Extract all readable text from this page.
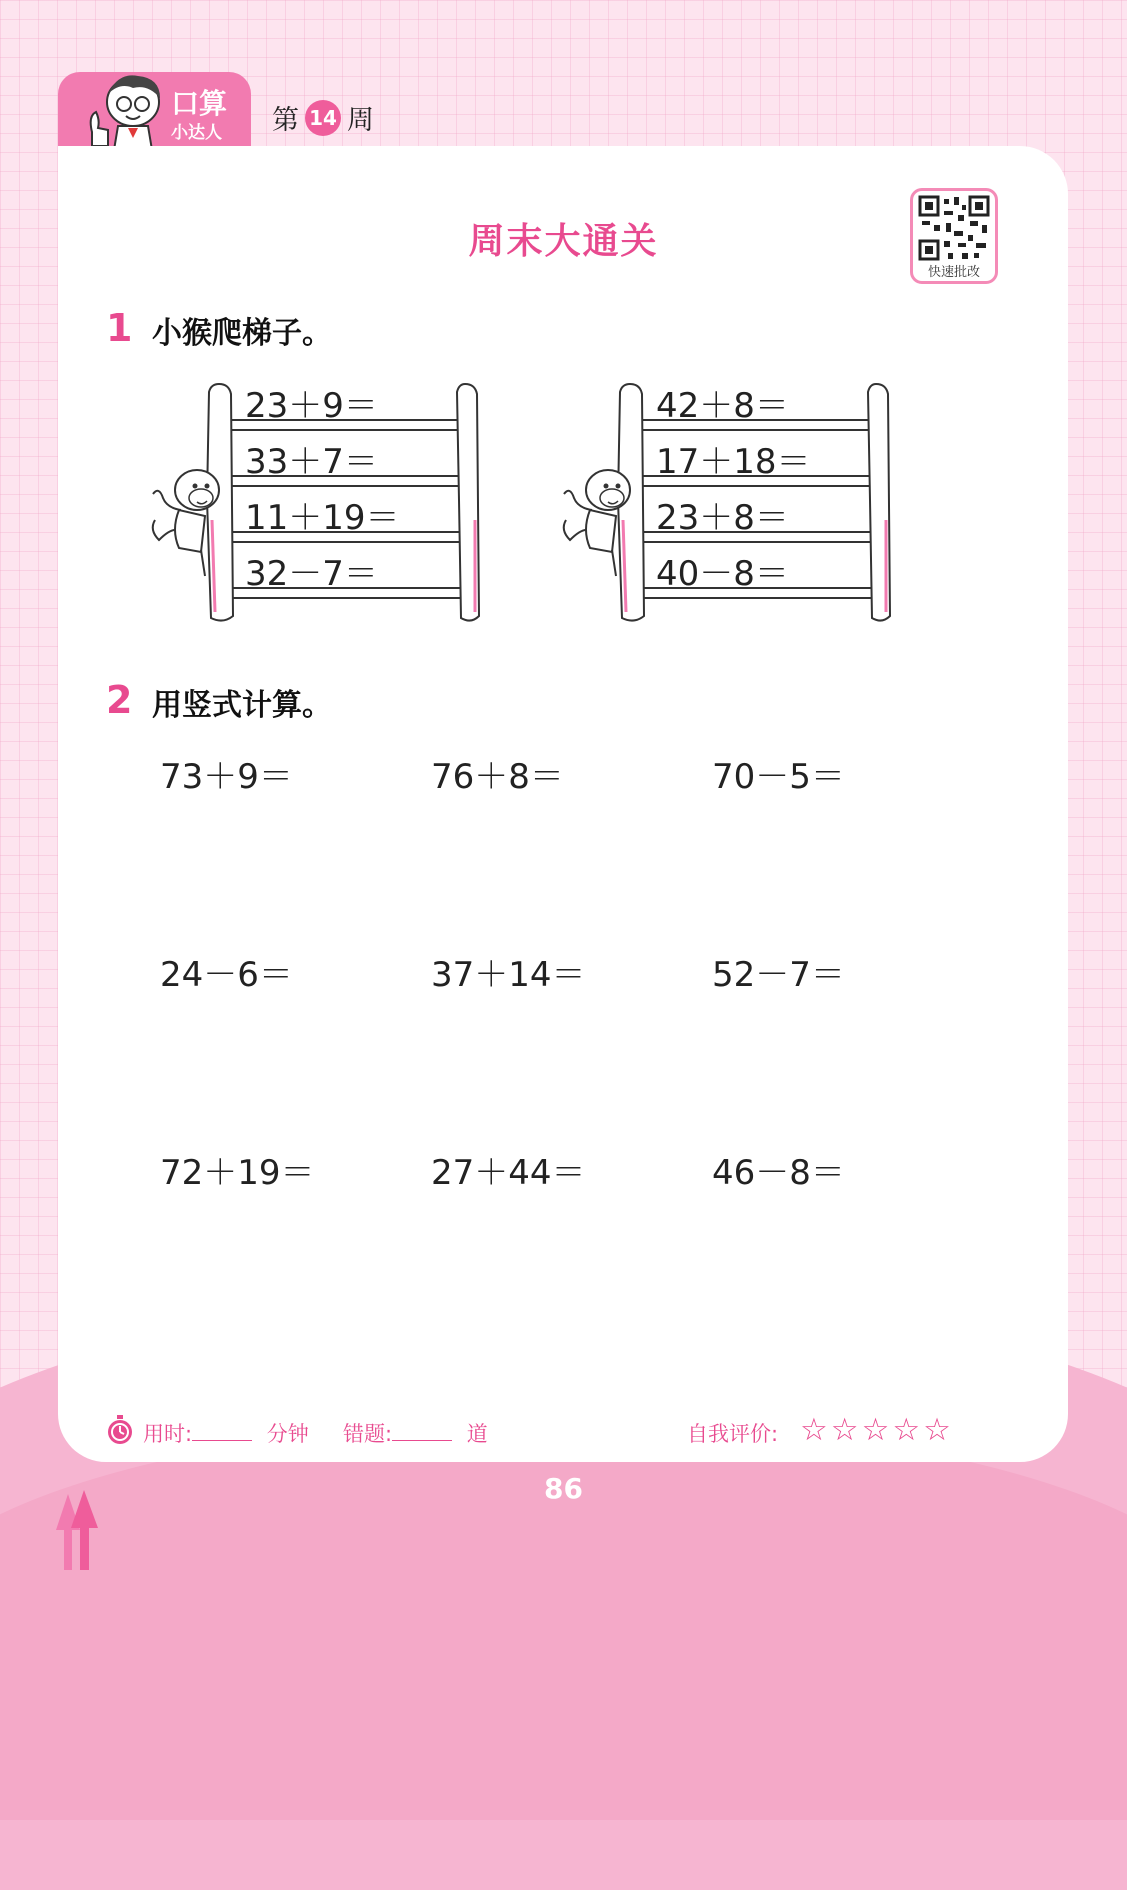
口算
小达人 第 14 周
周末大通关
快速批改
1 小猴爬梯子。
23＋9＝
33＋7＝
11＋19＝
32－7＝
42＋8＝
17＋18＝
23＋8＝
40－8＝
2 用竖式计算。
73＋9＝	76＋8＝	70－5＝
24－6＝	37＋14＝	52－7＝
72＋19＝	27＋44＝	46－8＝
用时:	分钟 错题:	道	自我评价: ☆☆☆☆☆
86
